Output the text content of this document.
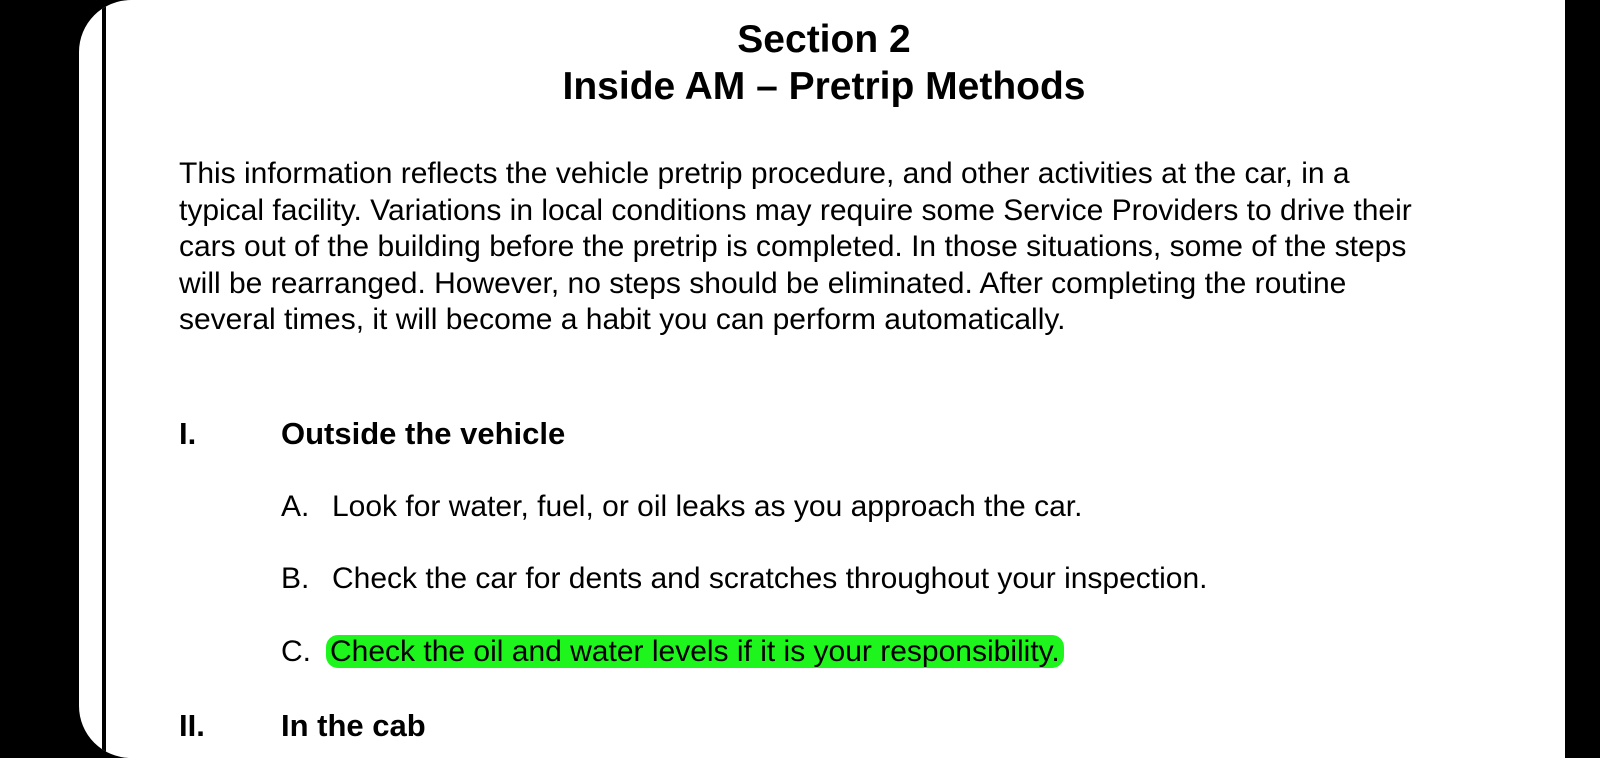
Section 2
Inside AM – Pretrip Methods

This information reflects the vehicle pretrip procedure, and other activities at the car, in a
typical facility. Variations in local conditions may require some Service Providers to drive their
cars out of the building before the pretrip is completed. In those situations, some of the steps
will be rearranged. However, no steps should be eliminated. After completing the routine
several times, it will become a habit you can perform automatically.

I.	Outside the vehicle
A. Look for water, fuel, or oil leaks as you approach the car.
B. Check the car for dents and scratches throughout your inspection.
C. Check the oil and water levels if it is your responsibility.
II. In the cab
